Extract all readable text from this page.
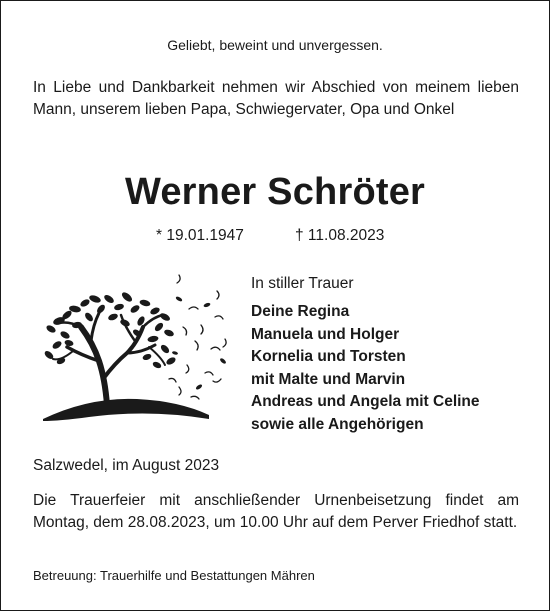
Geliebt, beweint und unvergessen.
In Liebe und Dankbarkeit nehmen wir Abschied von meinem lieben Mann, unserem lieben Papa, Schwiegervater, Opa und Onkel
Werner Schröter
* 19.01.1947	† 11.08.2023
In stiller Trauer
Deine Regina
Manuela und Holger
Kornelia und Torsten
mit Malte und Marvin
Andreas und Angela mit Celine
sowie alle Angehörigen
Salzwedel, im August 2023
Die Trauerfeier mit anschließender Urnenbeisetzung findet am Montag, dem 28.08.2023, um 10.00 Uhr auf dem Perver Friedhof statt.
Betreuung: Trauerhilfe und Bestattungen Mähren
